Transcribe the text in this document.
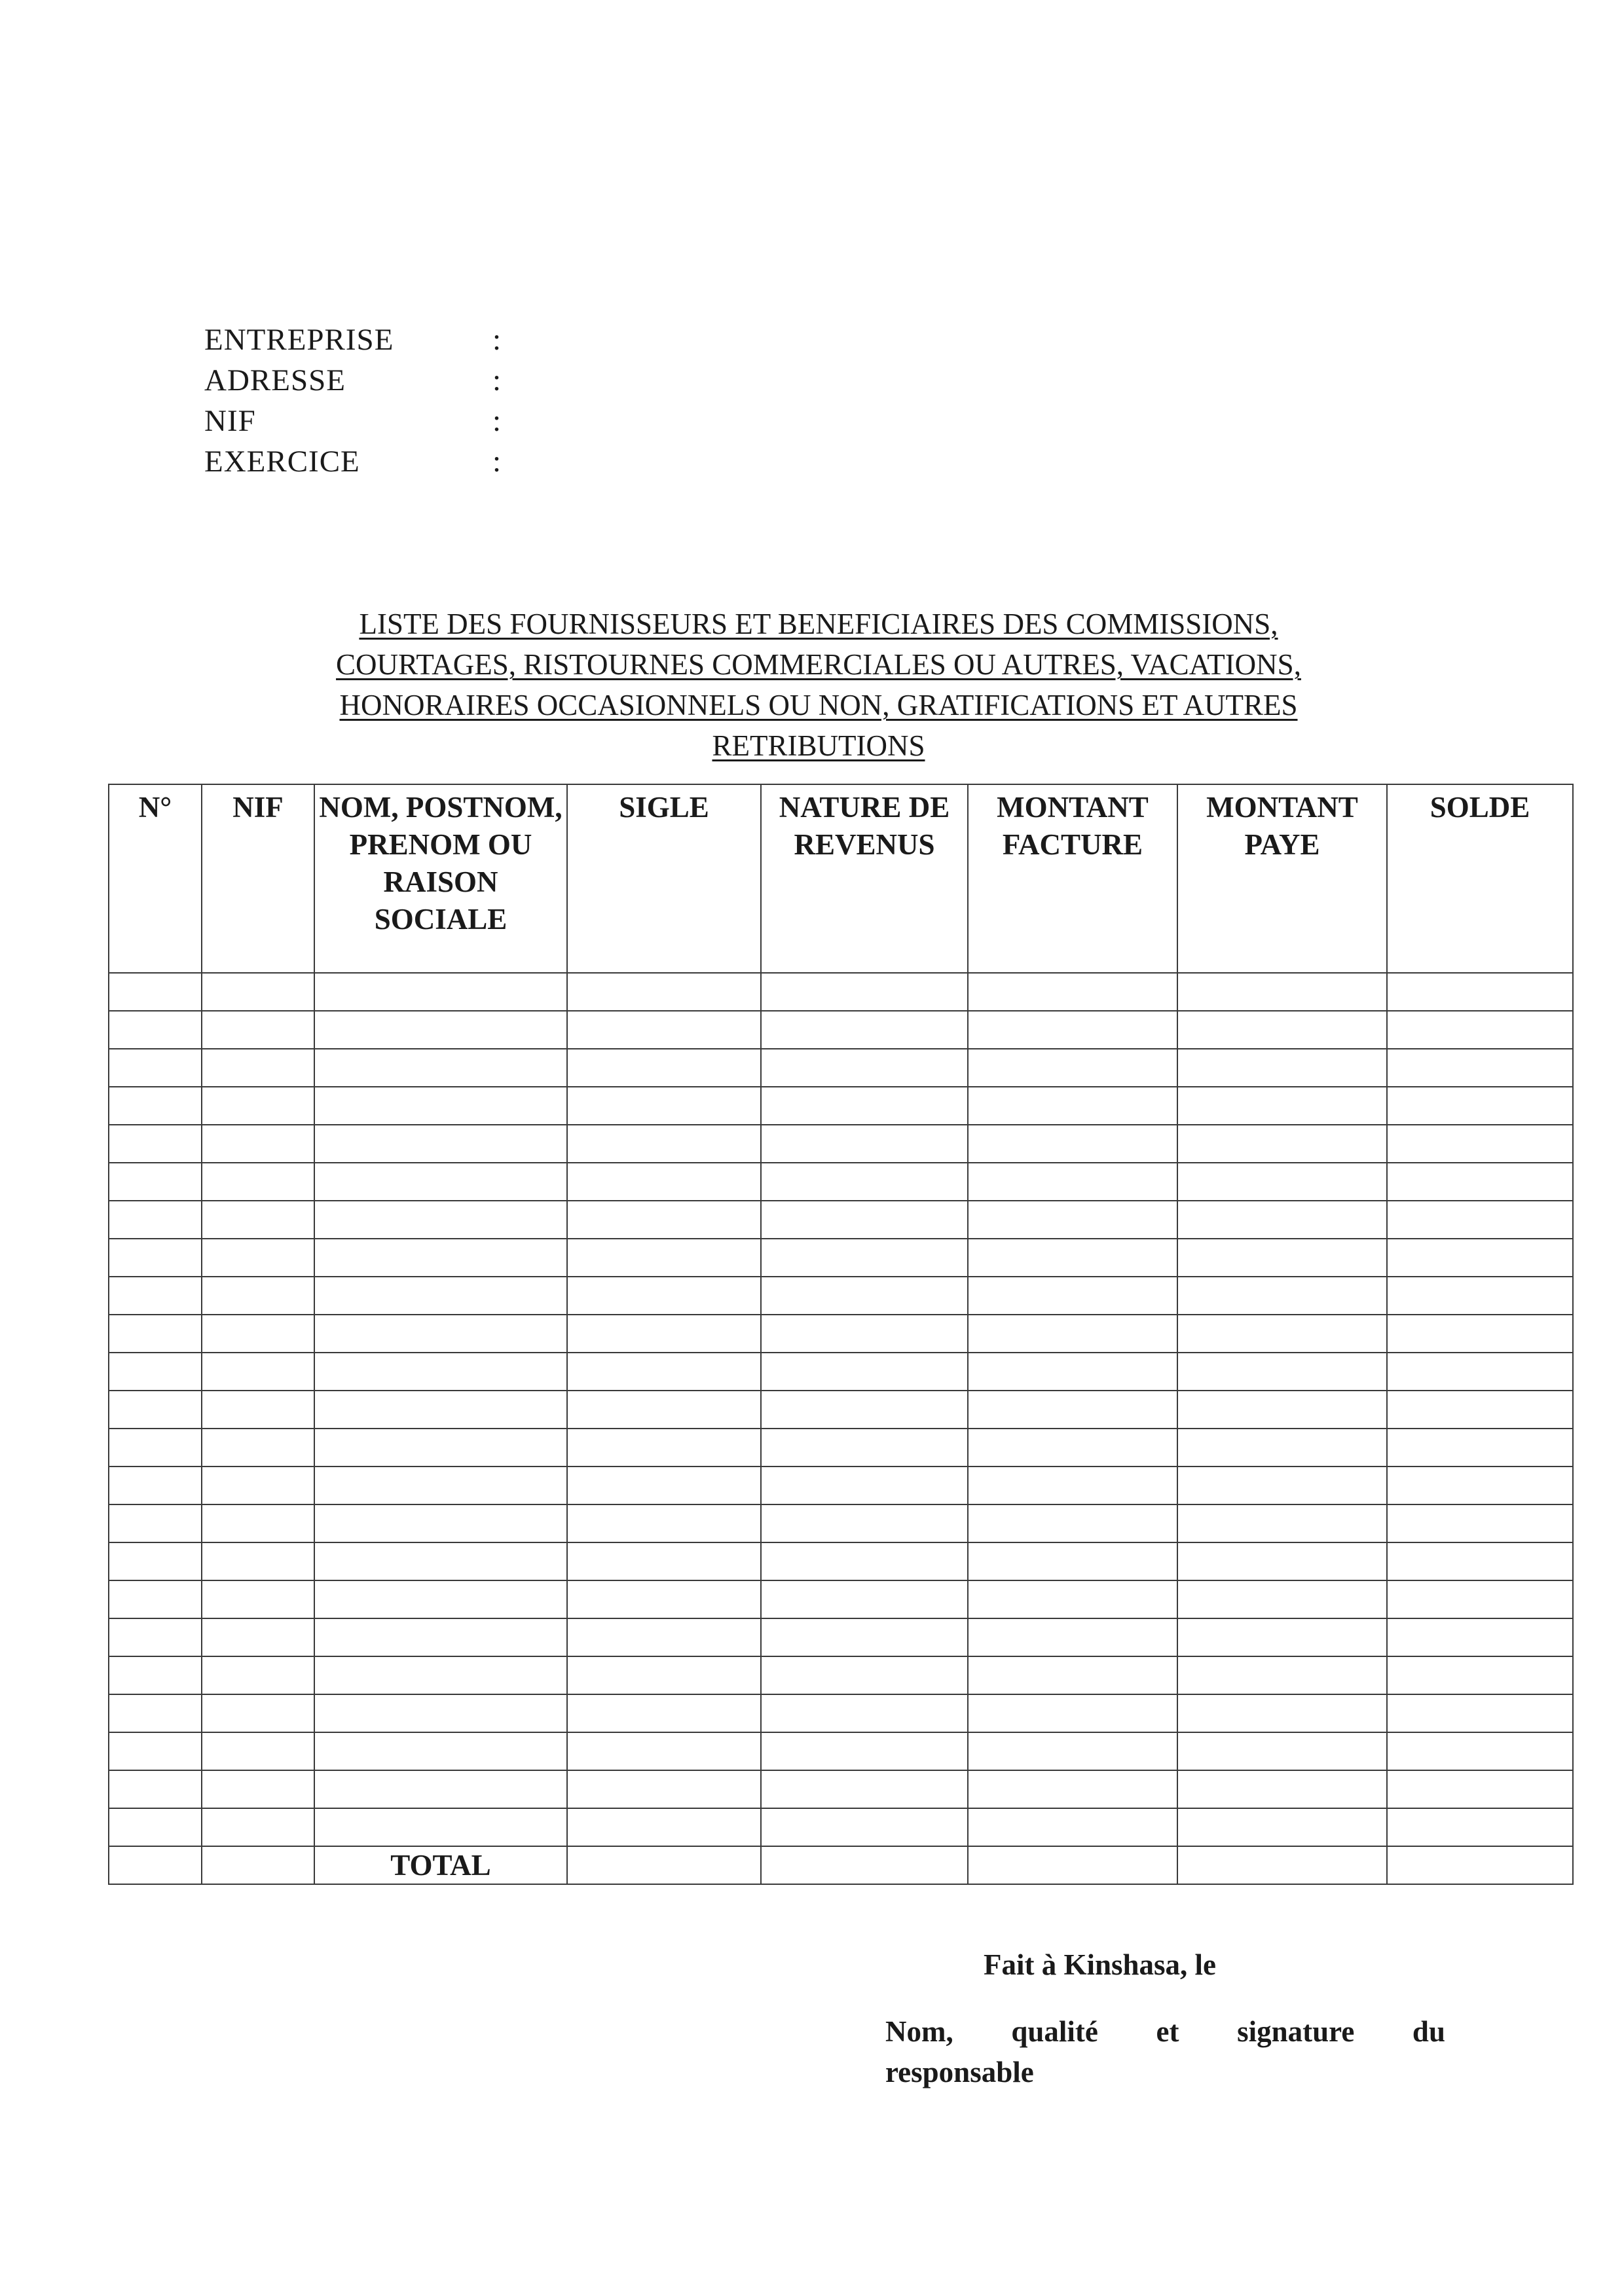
ENTREPRISE	:
ADRESSE	:
NIF	:
EXERCICE	:
LISTE DES FOURNISSEURS ET BENEFICIAIRES DES COMMISSIONS,
COURTAGES, RISTOURNES COMMERCIALES OU AUTRES, VACATIONS,
HONORAIRES OCCASIONNELS OU NON, GRATIFICATIONS ET AUTRES
RETRIBUTIONS
N°	NIF	NOM, POSTNOM, PRENOM OU RAISON SOCIALE	SIGLE	NATURE DE REVENUS	MONTANT FACTURE	MONTANT PAYE	SOLDE

		TOTAL					
Fait à Kinshasa, le
Nom, qualité et signature du
responsable
